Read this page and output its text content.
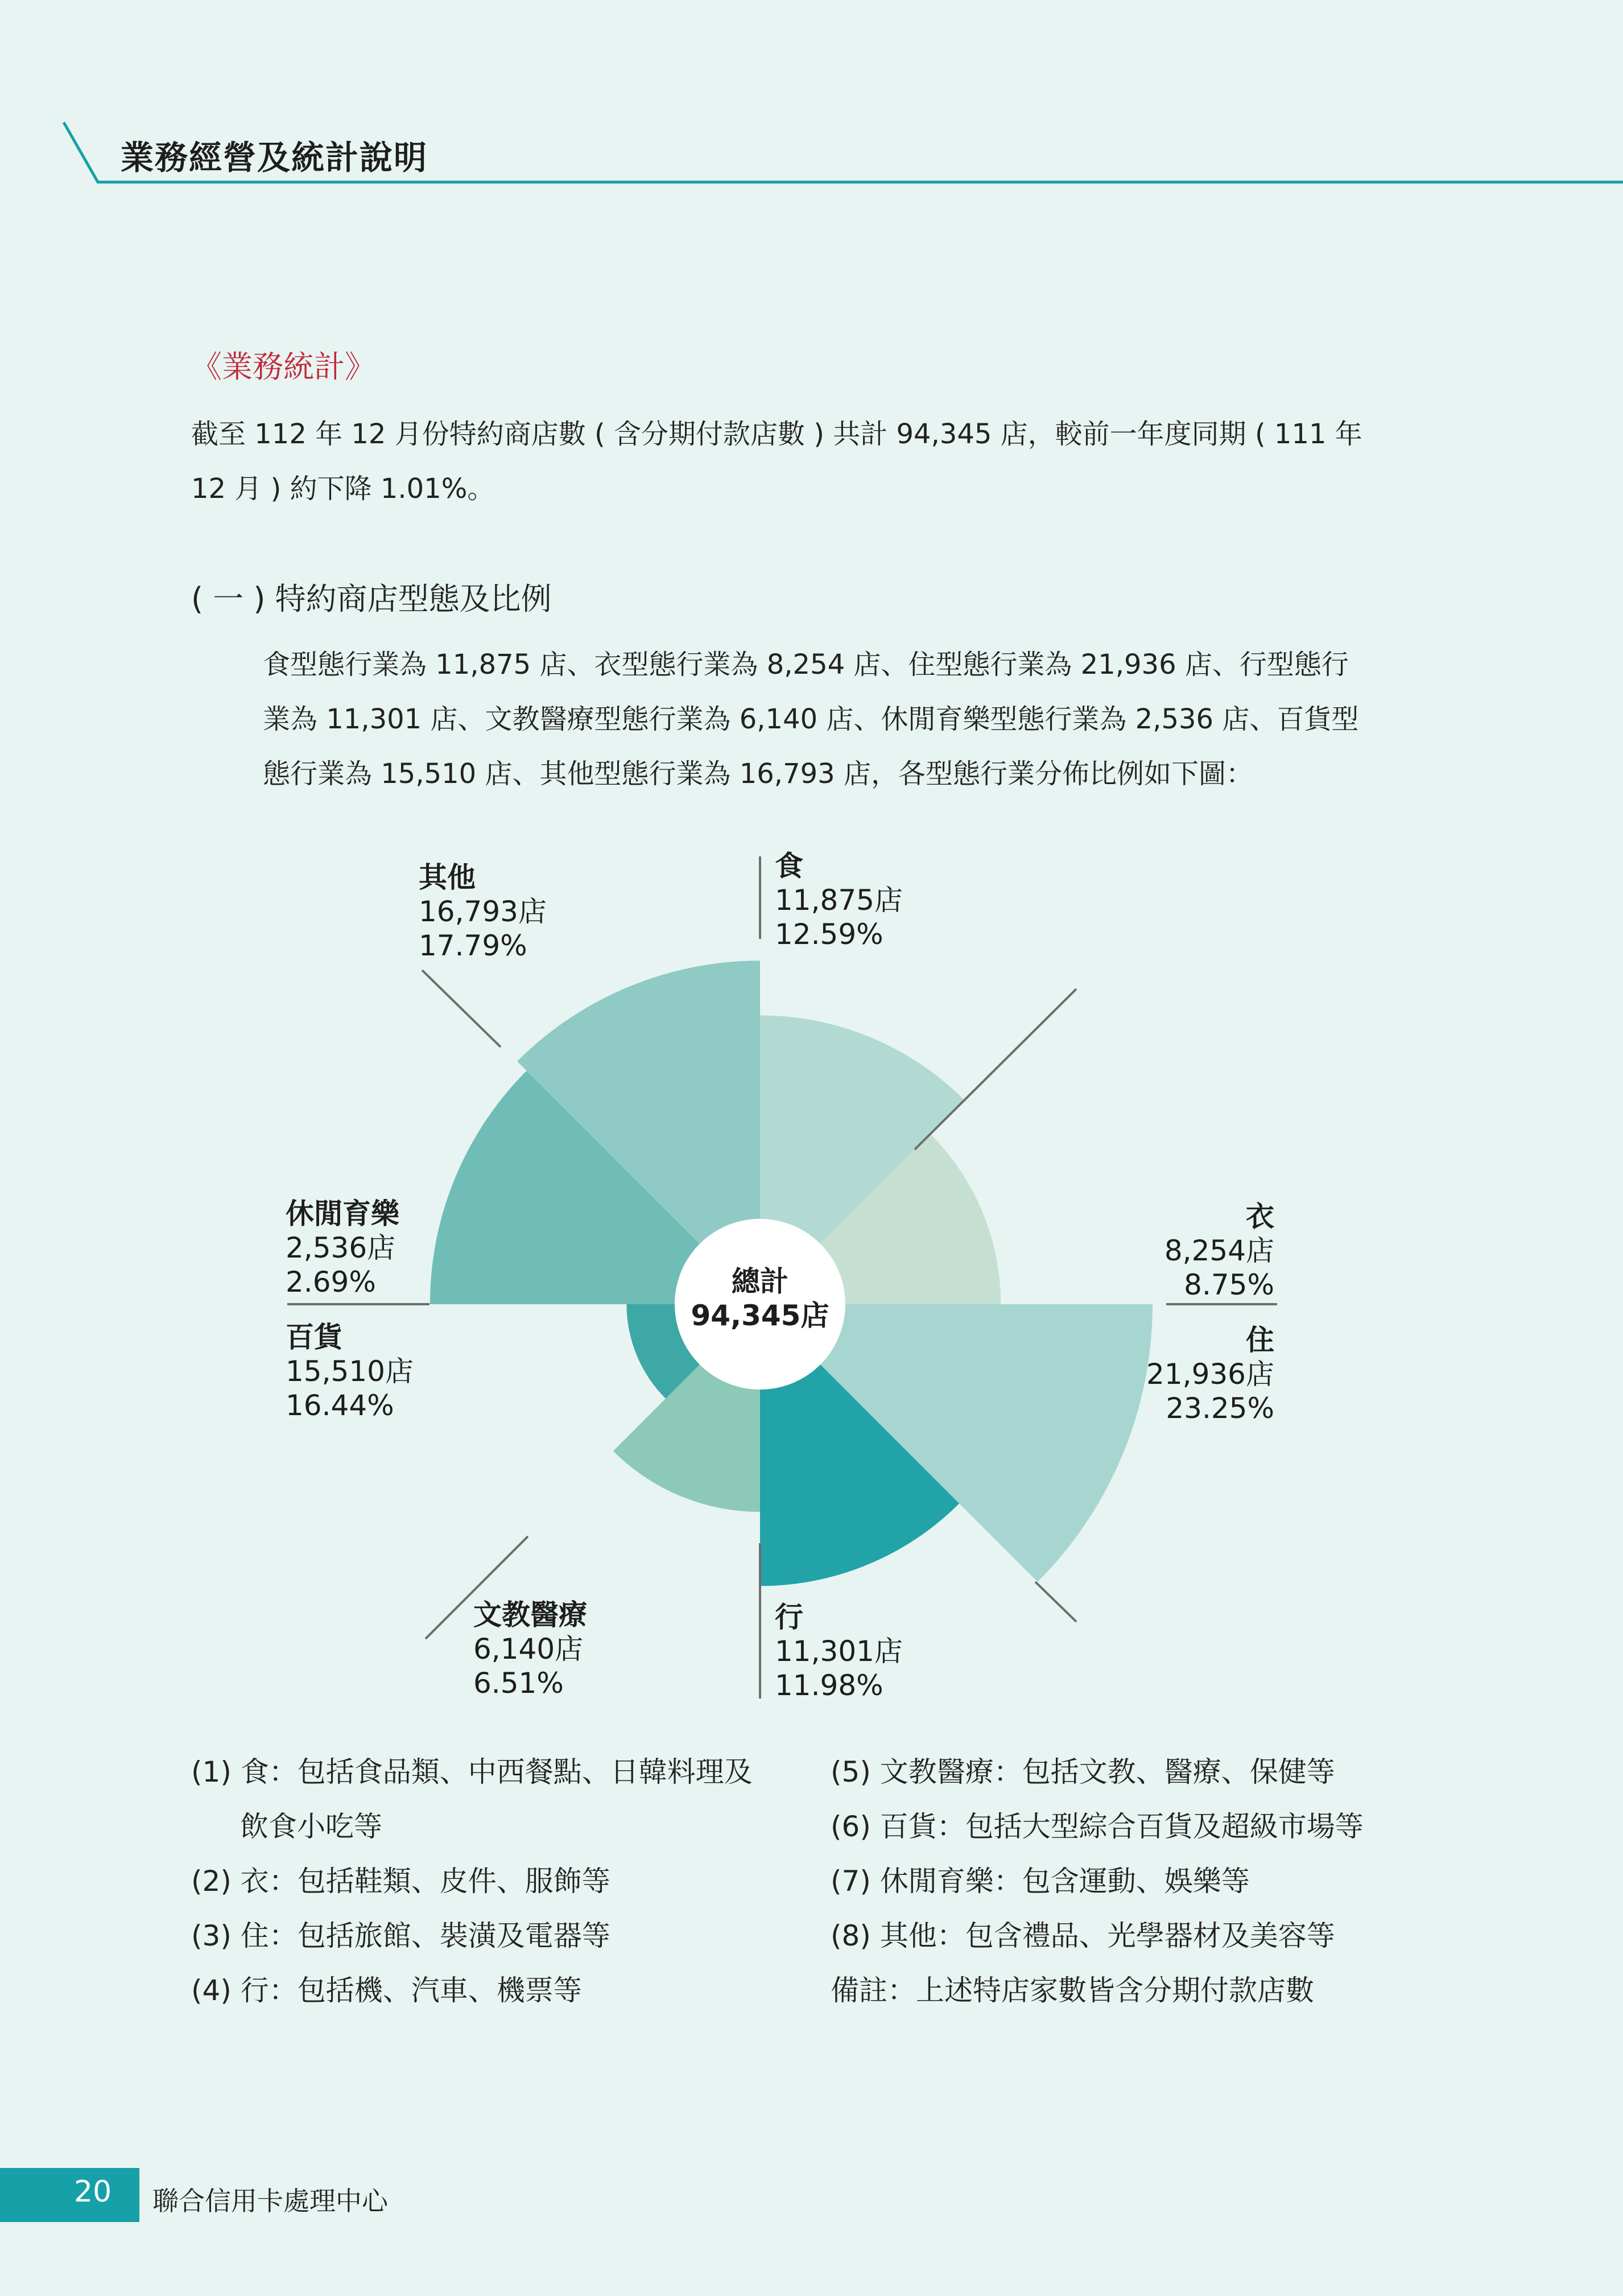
業務經營及統計說明
《業務統計》
截至 112 年 12 月份特約商店數 ( 含分期付款店數 ) 共計 94,345 店，較前一年度同期 ( 111 年
12 月 ) 約下降 1.01%。
( 一 ) 特約商店型態及比例
食型態行業為 11,875 店、衣型態行業為 8,254 店、住型態行業為 21,936 店、行型態行
業為 11,301 店、文教醫療型態行業為 6,140 店、休閒育樂型態行業為 2,536 店、百貨型
態行業為 15,510 店、其他型態行業為 16,793 店，各型態行業分佈比例如下圖：
總計
94,345店
食
11,875店
12.59%
衣
8,254店
8.75%
住
21,936店
23.25%
行
11,301店
11.98%
文教醫療
6,140店
6.51%
休閒育樂
2,536店
2.69%
百貨
15,510店
16.44%
其他
16,793店
17.79%
(1) 食：包括食品類、中西餐點、日韓料理及
飲食小吃等
(2) 衣：包括鞋類、皮件、服飾等
(3) 住：包括旅館、裝潢及電器等
(4) 行：包括機、汽車、機票等
(5) 文教醫療：包括文教、醫療、保健等
(6) 百貨：包括大型綜合百貨及超級市場等
(7) 休閒育樂：包含運動、娛樂等
(8) 其他：包含禮品、光學器材及美容等
備註：上述特店家數皆含分期付款店數
20 聯合信用卡處理中心
